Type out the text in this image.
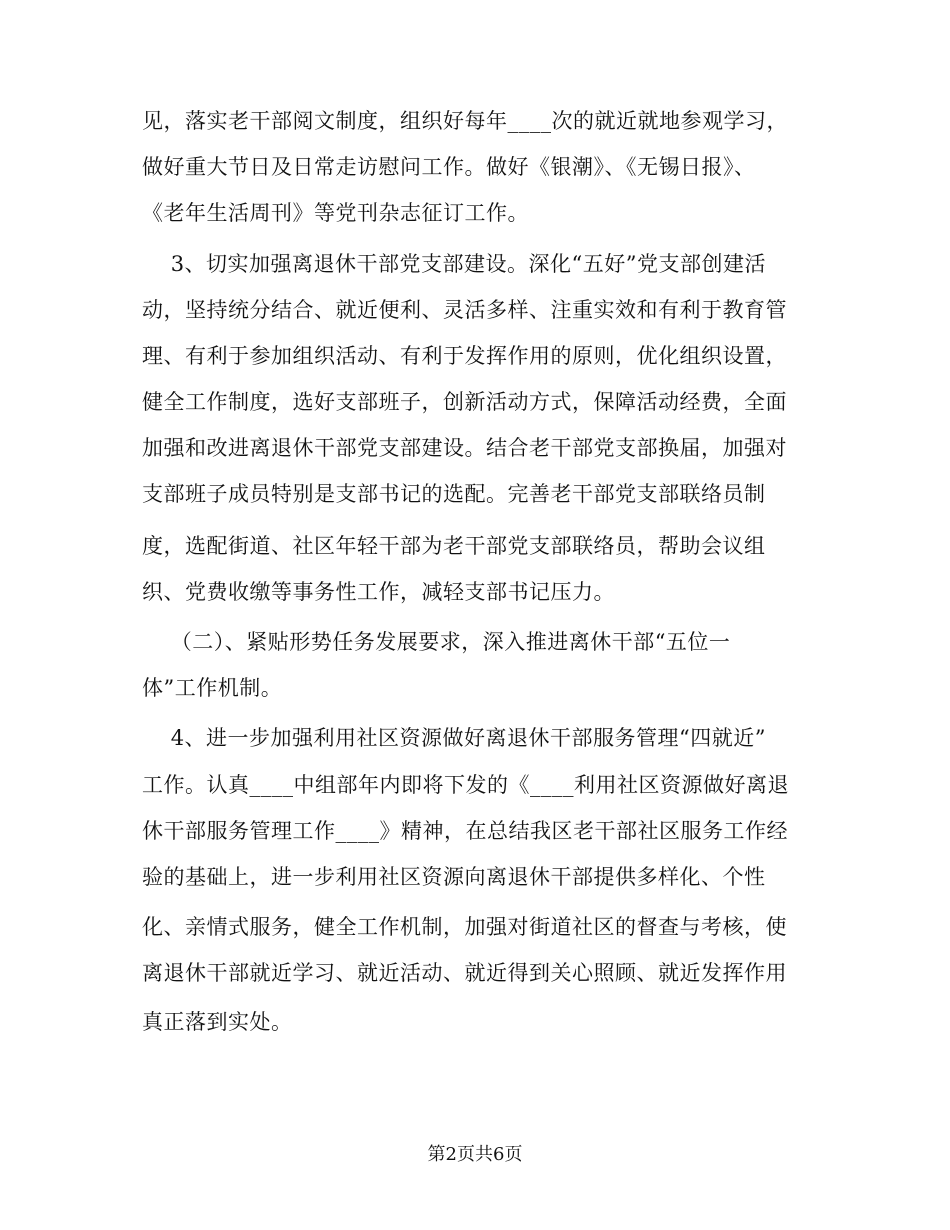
见，落实老干部阅文制度，组织好每年____次的就近就地参观学习，
做好重大节日及日常走访慰问工作。做好《银潮》、《无锡日报》、
《老年生活周刊》等党刊杂志征订工作。
3、切实加强离退休干部党支部建设。深化“五好”党支部创建活
动，坚持统分结合、就近便利、灵活多样、注重实效和有利于教育管
理、有利于参加组织活动、有利于发挥作用的原则，优化组织设置，
健全工作制度，选好支部班子，创新活动方式，保障活动经费，全面
加强和改进离退休干部党支部建设。结合老干部党支部换届，加强对
支部班子成员特别是支部书记的选配。完善老干部党支部联络员制
度，选配街道、社区年轻干部为老干部党支部联络员，帮助会议组
织、党费收缴等事务性工作，减轻支部书记压力。
（二）、紧贴形势任务发展要求，深入推进离休干部“五位一
体”工作机制。
4、进一步加强利用社区资源做好离退休干部服务管理“四就近”
工作。认真____中组部年内即将下发的《____利用社区资源做好离退
休干部服务管理工作____》精神，在总结我区老干部社区服务工作经
验的基础上，进一步利用社区资源向离退休干部提供多样化、个性
化、亲情式服务，健全工作机制，加强对街道社区的督查与考核，使
离退休干部就近学习、就近活动、就近得到关心照顾、就近发挥作用
真正落到实处。
第2页共6页
